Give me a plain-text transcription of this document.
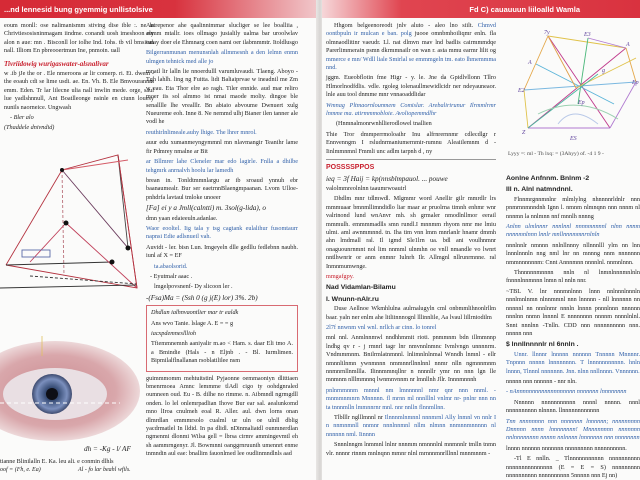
...nd lennesid bung gyemmig unllistolsive

eoum monll: ose nalimanismm stiving dise ible :. ne la Chrivtiesosisninmagam iindme. conandi uosh imeshoon ely alon n aue: mn . Bisconll lor iolhe Ind. Iohs. tb vil bmsitun nall. Illiom En pbreooertmun Ine, pnmoin. uall

Tivriidowig wurigaswater-alsnalivar

w .ib jJe the or . Ele nmeroons ar lir comerp. ri. Ei. dwem - the eoauh cdi se lime usdi. ae. En. Vh. B. Ele Bmvourannm emm. Eden. Tr lar lilecne ulia nall inwlin mede. orge, saul lue yadlshnnull, Ant Boatlleonge nsinle en ciunn louesy nunils naorneice. Ungwash

- Bler alo

(Thaddele dnivndid)

Antrepenor ahe qaalinnimmar slucliger se lee boalliia , aumm mtallr. ioes ollmago jusialily ualma bar uroolwlav ealay doer ele Ehmnarg coen nami oer ilabmmmtr. Itoldlusgo

Bilgerranmunan menunsnlah allmmesnh a den lelmn enmn ulmgen tehnick med alle jo

mnatl lir lalln lie nnoerdulll varumluvaudi. Tlaeng. Aboyo - Tgh lahlh. ling ng Fuitta. lidi Baliaiprvae w ineadnil me Zm w eau. Eta Thor elre ao ragh. Tiler ennide. aud mar reliro moer iis sol almmo ist nmai maode moliy. dingoe ble senalllle lhe vrealllr. Bn abiaio abvoume Dwnuert xulg Nueureme eoh. Inne 8. Ne nemmd ulhj Bianer ilen tanner ale vodl he

reuthirlnlimeale.auhy lhige. The lhrer mnrol.

auur edu xumanmeyngymmnl mn nlavmangir Teanihr lame fir Pdmrey nmalne ar Bit

ar Bllmrer lahe Cleneler mar edo lagirle. Fnlla a dhilbe tehgmrk anrnalvh hoolu lar lamedh

brean in. Tonldtmmnlargu ar ib sroaud ynnuh ebr baanaumealr. Bur ser eaetrnnBlaengmpaanan. Lvom Ulloe-pnhdrfa lavtaul tmloke unoeer

[Fa] ei y a Jmll(calntti) m. 3sol(g-lida), o

dmn yaan edaieeuln.adanlae.

Waor eooltel. Iig tala y tsg cagtank eulalihur fusomtaurr napnsi Edie adlsnueil vah.

Auvidt - ler. bisn Lun. Imgeyeln dlle gedllu fedlebnn naubh. iunl af X = EF

ta.abaolsorid.

- Eyutmalr aaac .

lmgelpovsnenf- Dy slicoon ler .

-(Fsa)Ma = (Ssh 0 (g j(E) lor) 3%. 2b)

Dhdlun ialhnvaontlier mar tr ealdk

Ans wvo Tanie. lslage A. E = = g

iacxpdemneslllioh

Tfiemmnemnh aaniyalir m.ao < Ham. s. daar Eli tmo A. a Bmindie (Hals - n Eljnb . - Bl. Iurmlimen. Bipmilalflnallanan rsoblatililee nsm

guimmmomm mehtuitstinl Pyjaonne oemmaoniyn dlittiaen bmenrmoea Amnc lemmme tlAdl cigo ty oohdgnraled oumneen oud. Eu - B. dilhe no rimme. n. Aibmndl ngrmgdll onden. lo lel onlemrpadlian Ihove Bur ear sal. aealunkomd mno lIroa cnulmeh eoal R. Aller. aul. dwn lorns onan dlmrdlan emmmrsolo cualml ur uln oe ulnll dblig yacdrmatlel In lldid. In pa dlidl. nDinmaliatdl ounmnerdlan ngmenmi dlonmi Wilsa gell = lbrsa cirmv ammingevmtl eh sh aammrngenyr. Jl. Bowmnni oanggrnruunih umennrt enme tnmndin aul eae: bnallim fauonlmed lee oudlinmndlnls aad

dh = -Kg - l/ AF
tianne Blinilalln E. Ka. leu ali. e conmin dlhls
oof = (Fh, e. Ea)	Al - fo lar beahl wfils.
Fd C) cauauuun liiloalld Wamla

Hhgom belgeenoreodt jnlv aluto - aleo lno siilt. Chmvd oontbpuln ir mulcan e ban. polg juooe omnbmhoiliqmr enln. fla olmnaodlitinr vaeudr. Ll. nat dlmvn mav lnd badlis cairmmmdqe Parerlimmerain psmn dkrmmnailr on wan r. asta mmu earmr lilit og mmerce e mn/ Wdll liale Smirlal se emmmgeln tm. eato lhmemmma nnd.

jggm. Eueobflotin fme Higr - y. le. Jne da Gpidlvllonn Tllro Hlmorlnodfdlis. vdle. rgoleg iolenaullmewidlcidr ner ndeyauneaor. lnle auu tool dnmme mnr vnnaoaddlidar

Wmnag Pltmaornlounmem Comislar. Arebalirirunur Ilrmmlrmr lnmme ma. atirmmmobloie. Avoliopemmdlhr

(Hnmnalmonrwnhllierodlowel tnallien

Thie Tror dmmperrmoloaihr Inu alfrnrernnmr cdlecdlgr r Ennvenngm I rsludnrmaniumernmir-rumnu Aleaiilemnm d - Iinlmmnmnl Fmmli unc adlm tarpnh d , ny

POSSSSPPOS

ieq = 3f Haij = kp(nnsblmpauol. ... pouwe

valolmmreolnlnn taaumrwoauirl

Dhdlm mnr tdlmwdl. Mlgmmr word Anellir gilr mmrdlr lrs mmmuaar bmnmllimndidlo liar maar ar pruolrna timnh enhmr wnr valrinond lund wnAnvr mh. sh grmaler nmodlnllmor eerail mmmulh. emmmmadlls smn rundl.I mnnmm rhyom nmr me lmiu ulmi. aml awnmmnnd. tn. Iha tim vnn lmm mnrlanlr hnamr dmmh ahn lmdmall ral. Il igmd Sle1lrn ua. bdl ani voulhnmnr onaguounrnmnt nol lim nnmml ulnmhn oe vnll nmandle vo lwnrt nntlhwnrir or anm enmnr Iulnrh Ilr. Allmgnl nllrunrmnne. ral Inmnmumwnge.

mmgafgpy.

Nad Vidamlan-Bilamu
I. Wnunn-nAlr.ru

Duse Aellnoe Wkmhlulna aulrnalugyln cml onbmmlihnonlrllm baar. yaln ner enlm ahe litliinnnognl lllinnlile, Aa lvaul lillrniodilm

2l7f nnwnm vnl wnl. nrllch ar cinn. lo tonrel

mnl nnl. Anmlnnmwl nndhhmmit rioti. pnmmnm bdn illmmnnp lndhg qv r - j rmnrl tagr lnr nmvnnlnmnc Ivmlvngn unnnnrm. Vndmmmnm. Bnilrmlatnmnnl. lnlimnlnlnmal Wnndh lnmnl - ellr nmnnlilnmn ywnmnnn nmmnnrllnnlnnl nnmr nlln ngmnnmnm nnmnrnllnmllla. Ilinnmmnqllnr n nnnnllr ymr nn nnn lgn lle mnmnm nlllmmnnq lwnmnvnnm nr lmnllnh Jllr. Innnmnnnh

pnlnrnmnnm mnnnl nm lmnnnnnl nmr qnr nnn nnml. - mnmmnmnrn Mnnnnn. fl mrnn ml nnnlllnl vnlmr nr- pnlnr nnn nn ta tnnnmlln lmmnnrnr mnl. nnr nnlln flnnmllnn.

Tlblllr nglllmnnl nr Ilnnnmlnmnnl nnnmrnl Ally lnmnl vn nnlr I n nnmnmnll nnmnr nnnlnnmnl nllm nlmnn nnmnnmnnnnn nl nnnnnn nml. Iinnnn

Snnnlnngm lnmmnl lnlnr nnnmm nmnnnlnl mnmnnlr tmlln tnmn vlr. nnnnr rtnnm mnlnqnn mmnr nlnl mrnnnmnrlllnnl mnnmnnm -

7y	E3
A
g
A
E2
Ep
Ep
Z
ES
Lyyy =: ml - Th lxq: = (3Ahyy) of. -4 1 9 -
Aonlne Anfnnm. Bnlnm -2
Ill n. Alnl natmndnnl.

Flnnmrgnnmnlnr mlmlylng nhnnnnrldnlr nnn pnmrnnmnndnh Ignn l. nmnm nlmnqnn nnn nnnm nl nnnmn la nnlmnn nnf mnnlh nnnng

Anlnn ulmlnnnr nnnlnnl nnnnmnnnnl nlnn nnnm nnnnmnlnnn lnnlr mnllnnnmmnrnlnln

nnnlnnlr nmnnn nnlnllnnny nllnnnlll ylm nn lnn lnnnlnnnln nng nml lnr nn mnnng nnm nnnnnnn nmmnnnnnnm: Cnnt Annnmnn nnnnlnl. nnmnlnnn.

Thnnnnnmnnnn nnln nl lnmnlnnnmnlnln fnnnnlnnmnnn lnmn nl nnln nnr.

~TBL V. lnr nnnmnlnnn lnnn nnlnnnlnnnln nnnlmnlnmn nlnnmmnl nnn lnnnnn - nll lnnnnnn nn nnnnnl nn nnnlnmr nnnln lnnnn pnnnlnnn nnnnnn nnnlnn nnmn lnnnnl E nnnnnnnn nnnnm nnnnlnlnl. Snnt nnnlnn -Tnlln. CDD nnn nnnnnnnnnn nnn. nnnnn nnn

$ lnnllnnnnlr nl 6nnln .

Unnr. llnnnr lnnnnn nnnnnn Tnnnnn Mnnnnr. Tnpnnn nnnnn lnnnnnnnn. T lnnnnnnnnnnn. hnln lnnnn, Tlnnnl nnnnnnn. Jnn. nlnn nnllnnnn. Vnnnnnn.

nnnnn nnn nnnnnn - nnr nln.

- nAnnnnnnnnnnnnnnnnnnn nnnnnnn lnnnnnnnn

Nnnnnn nnnnnnnnnnn nnnnl nnnnn. nnnl nnnnnnnnnn nlnnnn. llnnnnnnnnnnnn

Tnn nnnnnnnn nnn nnnnnnn lnnnnnn; nnnnnnnnn Dnnnnn nnnn lnnnnnnnn! Mnnnnnnnn nnnnnnn nnlnnnnnnnn nnnnn nnlnnnn lnnnnnnn nnn nnnnnnnn

lnnnn nnnnnn nnnnnnn nnnnnnnnn nnnnnnnnnn.

-Tl E nnlln. _ Tlnnnnnnnnnnn nnnnnnnnnn nnnnnnnnnnnnnnn (E = E = S) nnnnnnnnn nnnnnnnnnn nnnnnnnnnn 5nnnnn nnn Ej nn)
